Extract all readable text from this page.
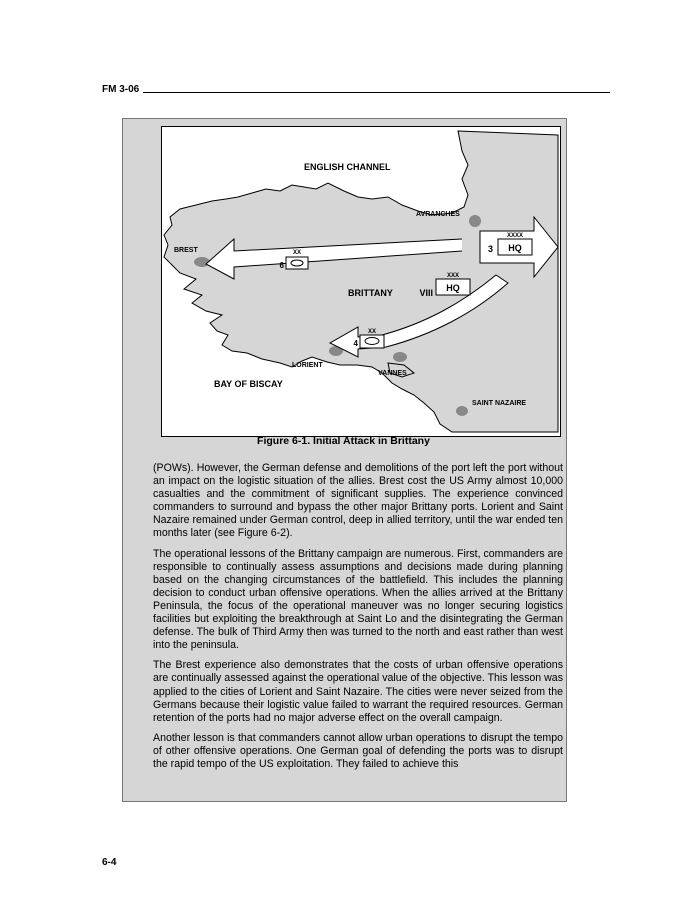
FM 3-06
XXXX
HQ
3
XXX
HQ
VIII
XX
6
XX
4
ENGLISH CHANNEL
AVRANCHES
BREST
BRITTANY
LORIENT
VANNES
BAY OF BISCAY
SAINT NAZAIRE
Figure 6-1. Initial Attack in Brittany

(POWs). However, the German defense and demolitions of the port left the port without an impact on the logistic situation of the allies. Brest cost the US Army almost 10,000 casualties and the commitment of significant supplies. The experience convinced commanders to surround and bypass the other major Brittany ports. Lorient and Saint Nazaire remained under German control, deep in allied territory, until the war ended ten months later (see Figure 6-2).

The operational lessons of the Brittany campaign are numerous. First, commanders are responsible to continually assess assumptions and decisions made during planning based on the changing circumstances of the battlefield. This includes the planning decision to conduct urban offensive operations. When the allies arrived at the Brittany Peninsula, the focus of the operational maneuver was no longer securing logistics facilities but exploiting the breakthrough at Saint Lo and the disintegrating the German defense. The bulk of Third Army then was turned to the north and east rather than west into the peninsula.

The Brest experience also demonstrates that the costs of urban offensive operations are continually assessed against the operational value of the objective. This lesson was applied to the cities of Lorient and Saint Nazaire. The cities were never seized from the Germans because their logistic value failed to warrant the required resources. German retention of the ports had no major adverse effect on the overall campaign.

Another lesson is that commanders cannot allow urban operations to disrupt the tempo of other offensive operations. One German goal of defending the ports was to disrupt the rapid tempo of the US exploitation. They failed to achieve this

6-4
